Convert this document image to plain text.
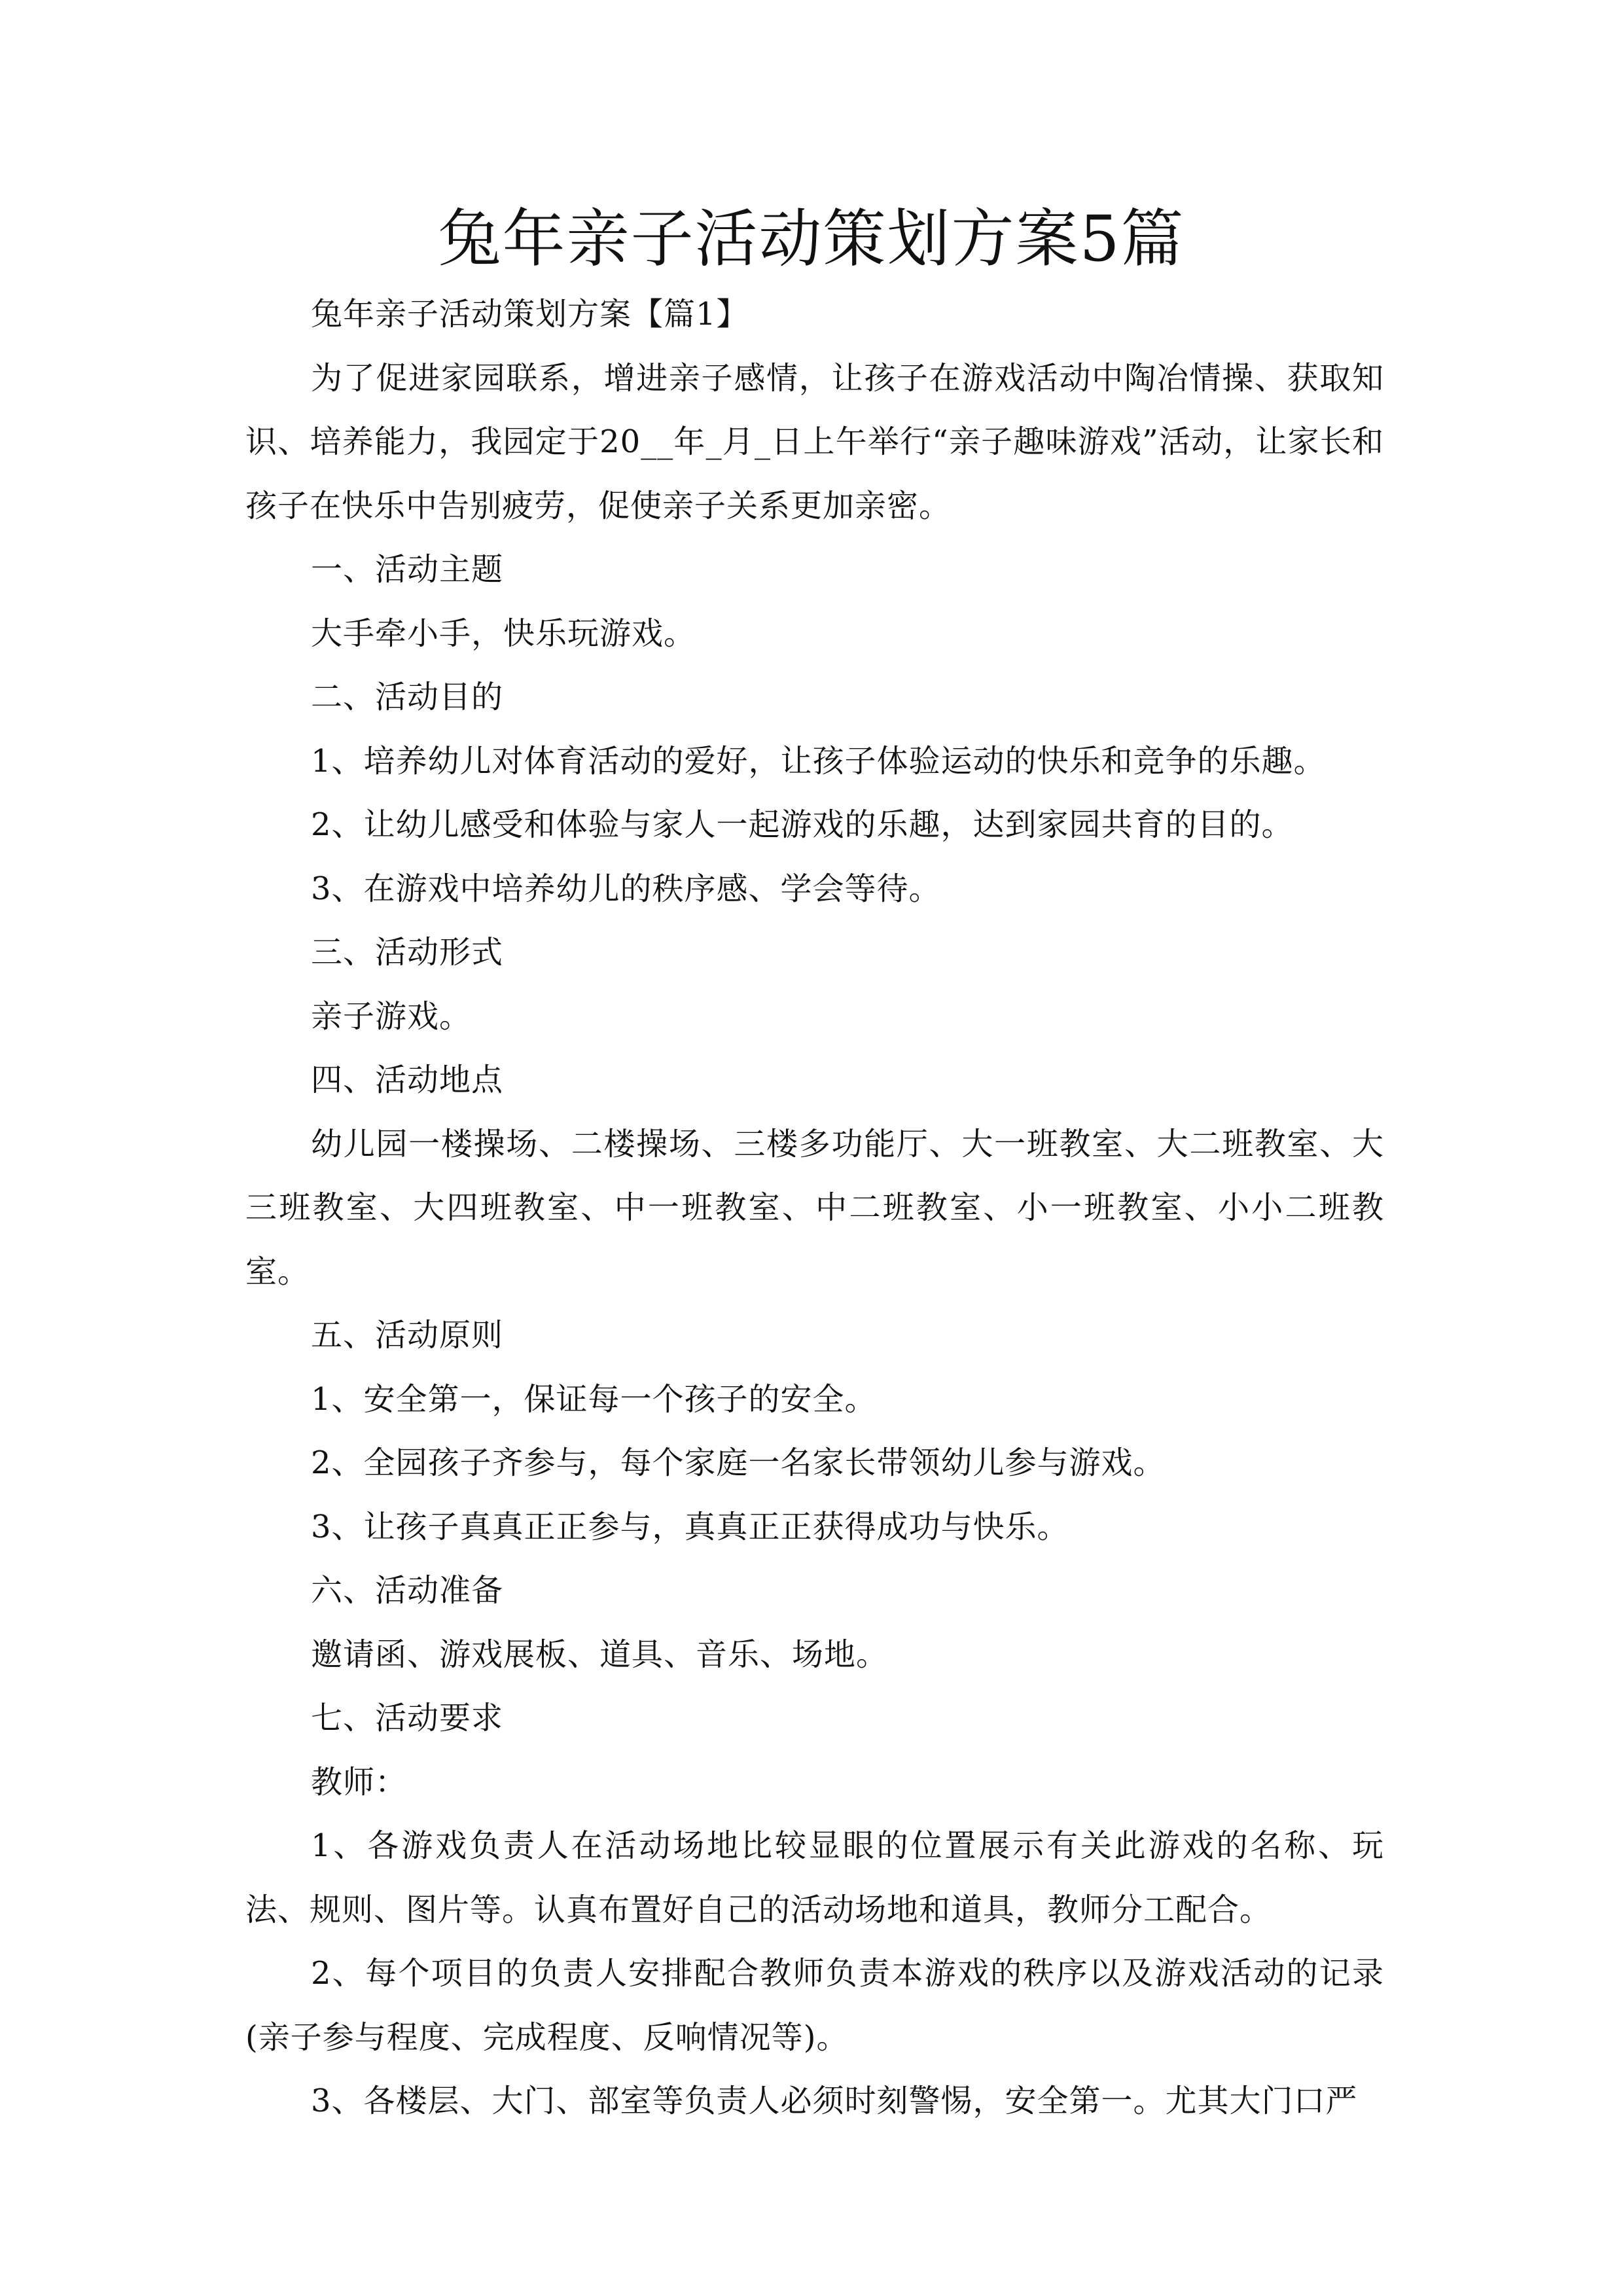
兔年亲子活动策划方案5篇

兔年亲子活动策划方案【篇1】

为了促进家园联系，增进亲子感情，让孩子在游戏活动中陶冶情操、获取知识、培养能力，我园定于20__年_月_日上午举行“亲子趣味游戏”活动，让家长和孩子在快乐中告别疲劳，促使亲子关系更加亲密。

一、活动主题

大手牵小手，快乐玩游戏。

二、活动目的

1、培养幼儿对体育活动的爱好，让孩子体验运动的快乐和竞争的乐趣。

2、让幼儿感受和体验与家人一起游戏的乐趣，达到家园共育的目的。

3、在游戏中培养幼儿的秩序感、学会等待。

三、活动形式

亲子游戏。

四、活动地点

幼儿园一楼操场、二楼操场、三楼多功能厅、大一班教室、大二班教室、大三班教室、大四班教室、中一班教室、中二班教室、小一班教室、小小二班教室。

五、活动原则

1、安全第一，保证每一个孩子的安全。

2、全园孩子齐参与，每个家庭一名家长带领幼儿参与游戏。

3、让孩子真真正正参与，真真正正获得成功与快乐。

六、活动准备

邀请函、游戏展板、道具、音乐、场地。

七、活动要求

教师：

1、各游戏负责人在活动场地比较显眼的位置展示有关此游戏的名称、玩法、规则、图片等。认真布置好自己的活动场地和道具，教师分工配合。

2、每个项目的负责人安排配合教师负责本游戏的秩序以及游戏活动的记录(亲子参与程度、完成程度、反响情况等)。

3、各楼层、大门、部室等负责人必须时刻警惕，安全第一。尤其大门口严
